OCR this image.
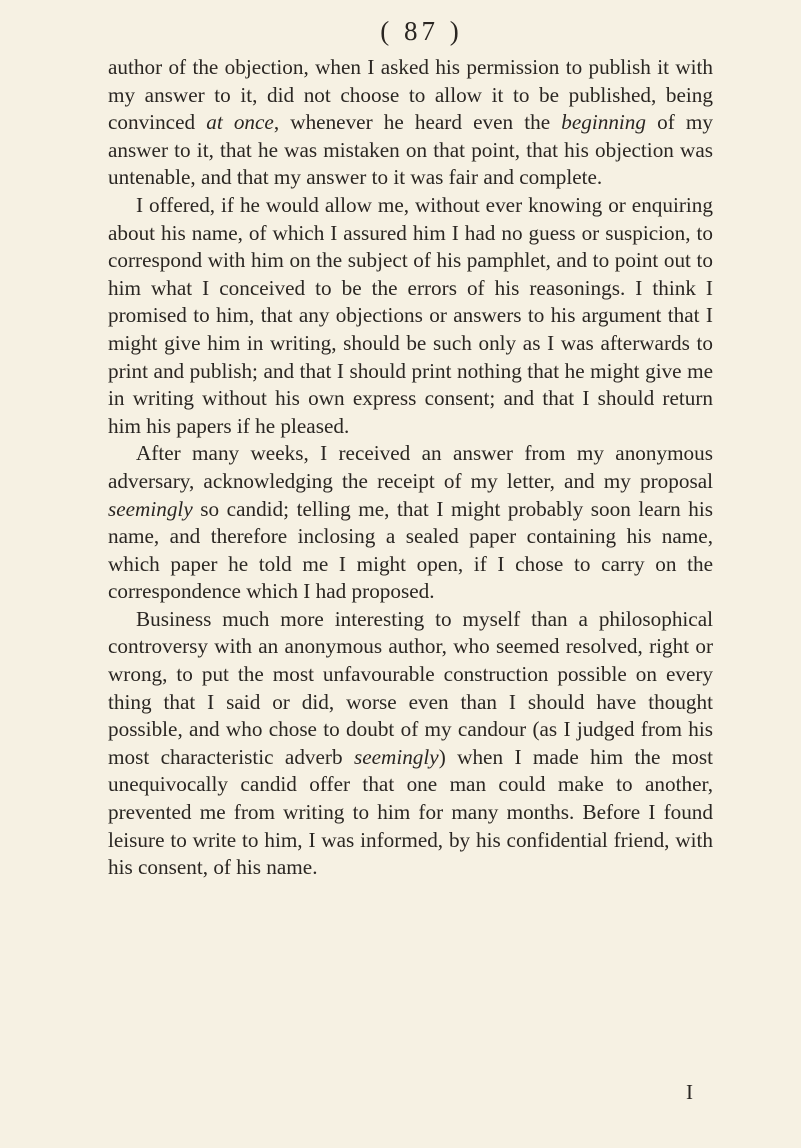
( 87 )

author of the objection, when I asked his permission to publish it with my answer to it, did not choose to allow it to be published, being convinced at once, whenever he heard even the beginning of my answer to it, that he was mistaken on that point, that his objection was untenable, and that my answer to it was fair and complete.

I offered, if he would allow me, without ever knowing or enquiring about his name, of which I assured him I had no guess or suspicion, to correspond with him on the subject of his pamphlet, and to point out to him what I conceived to be the errors of his reasonings. I think I promised to him, that any objections or answers to his argument that I might give him in writing, should be such only as I was afterwards to print and publish; and that I should print nothing that he might give me in writing without his own express consent; and that I should return him his papers if he pleased.

After many weeks, I received an answer from my anonymous adversary, acknowledging the receipt of my letter, and my proposal seemingly so candid; telling me, that I might probably soon learn his name, and therefore inclosing a sealed paper containing his name, which paper he told me I might open, if I chose to carry on the correspondence which I had proposed.

Business much more interesting to myself than a philosophical controversy with an anonymous author, who seemed resolved, right or wrong, to put the most unfavourable construction possible on every thing that I said or did, worse even than I should have thought possible, and who chose to doubt of my candour (as I judged from his most characteristic adverb seemingly) when I made him the most unequivocally candid offer that one man could make to another, prevented me from writing to him for many months. Before I found leisure to write to him, I was informed, by his confidential friend, with his consent, of his name.

I
